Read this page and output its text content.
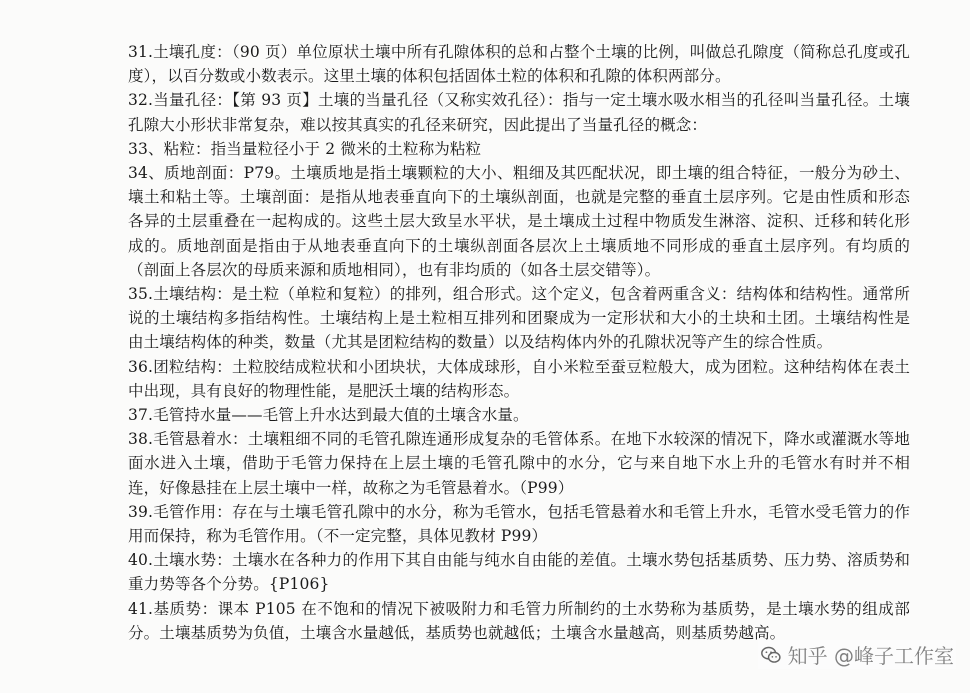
31.土壤孔度：（90 页）单位原状土壤中所有孔隙体积的总和占整个土壤的比例，叫做总孔隙度（简称总孔度或孔度），以百分数或小数表示。这里土壤的体积包括固体土粒的体积和孔隙的体积两部分。

32.当量孔径：【第 93 页】土壤的当量孔径（又称实效孔径）：指与一定土壤水吸水相当的孔径叫当量孔径。土壤孔隙大小形状非常复杂，难以按其真实的孔径来研究，因此提出了当量孔径的概念：

33、粘粒：指当量粒径小于 2 微米的土粒称为粘粒

34、质地剖面：P79。土壤质地是指土壤颗粒的大小、粗细及其匹配状况，即土壤的组合特征，一般分为砂土、壤土和粘土等。土壤剖面：是指从地表垂直向下的土壤纵剖面，也就是完整的垂直土层序列。它是由性质和形态各异的土层重叠在一起构成的。这些土层大致呈水平状，是土壤成土过程中物质发生淋溶、淀积、迁移和转化形成的。质地剖面是指由于从地表垂直向下的土壤纵剖面各层次上土壤质地不同形成的垂直土层序列。有均质的（剖面上各层次的母质来源和质地相同），也有非均质的（如各土层交错等）。

35.土壤结构：是土粒（单粒和复粒）的排列，组合形式。这个定义，包含着两重含义：结构体和结构性。通常所说的土壤结构多指结构性。土壤结构上是土粒相互排列和团聚成为一定形状和大小的土块和土团。土壤结构性是由土壤结构体的种类，数量（尤其是团粒结构的数量）以及结构体内外的孔隙状况等产生的综合性质。

36.团粒结构：土粒胶结成粒状和小团块状，大体成球形，自小米粒至蚕豆粒般大，成为团粒。这种结构体在表土中出现，具有良好的物理性能，是肥沃土壤的结构形态。

37.毛管持水量——毛管上升水达到最大值的土壤含水量。

38.毛管悬着水：土壤粗细不同的毛管孔隙连通形成复杂的毛管体系。在地下水较深的情况下，降水或灌溉水等地面水进入土壤，借助于毛管力保持在上层土壤的毛管孔隙中的水分，它与来自地下水上升的毛管水有时并不相连，好像悬挂在上层土壤中一样，故称之为毛管悬着水。（P99）

39.毛管作用：存在与土壤毛管孔隙中的水分，称为毛管水，包括毛管悬着水和毛管上升水，毛管水受毛管力的作用而保持，称为毛管作用。（不一定完整，具体见教材 P99）

40.土壤水势：土壤水在各种力的作用下其自由能与纯水自由能的差值。土壤水势包括基质势、压力势、溶质势和重力势等各个分势。{P106}

41.基质势：课本 P105 在不饱和的情况下被吸附力和毛管力所制约的土水势称为基质势，是土壤水势的组成部分。土壤基质势为负值，土壤含水量越低，基质势也就越低；土壤含水量越高，则基质势越高。

知乎 @峰子工作室
